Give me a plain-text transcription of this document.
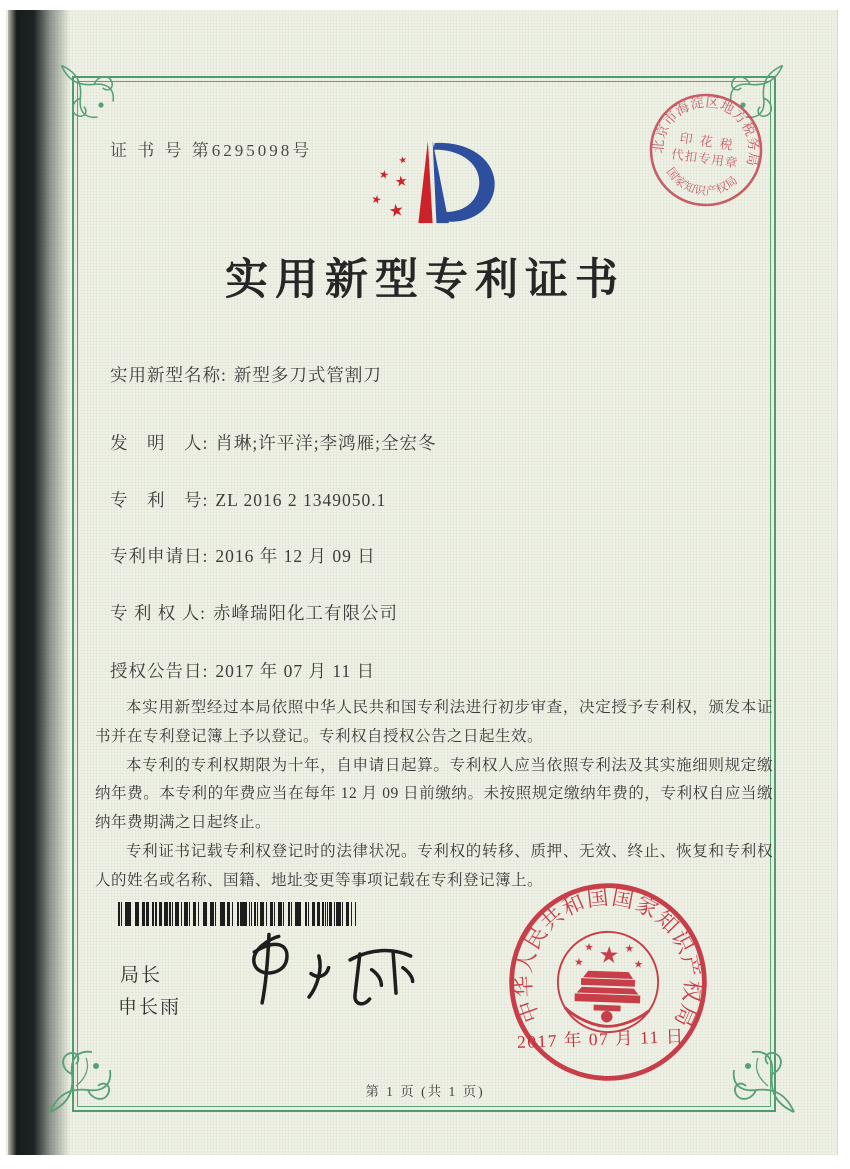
证 书 号 第6295098号
★
★ ★
★ ★
实用新型专利证书
实用新型名称: 新型多刀式管割刀
发　明　人: 肖琳;许平洋;李鸿雁;全宏冬
专　利　号: ZL 2016 2 1349050.1
专利申请日: 2016 年 12 月 09 日
专 利 权 人: 赤峰瑞阳化工有限公司
授权公告日: 2017 年 07 月 11 日

本实用新型经过本局依照中华人民共和国专利法进行初步审查，决定授予专利权，颁发本证书并在专利登记簿上予以登记。专利权自授权公告之日起生效。

本专利的专利权期限为十年，自申请日起算。专利权人应当依照专利法及其实施细则规定缴纳年费。本专利的年费应当在每年 12 月 09 日前缴纳。未按照规定缴纳年费的，专利权自应当缴纳年费期满之日起终止。

专利证书记载专利权登记时的法律状况。专利权的转移、质押、无效、终止、恢复和专利权人的姓名或名称、国籍、地址变更等事项记载在专利登记簿上。

局长
申长雨	中华人民共和国国家知识产权局
★
★	★
★	★
2017 年 07 月 11 日
北京市海淀区地方税务局
国家知识产权局
印 花 税
代扣专用章
第 1 页 (共 1 页)
